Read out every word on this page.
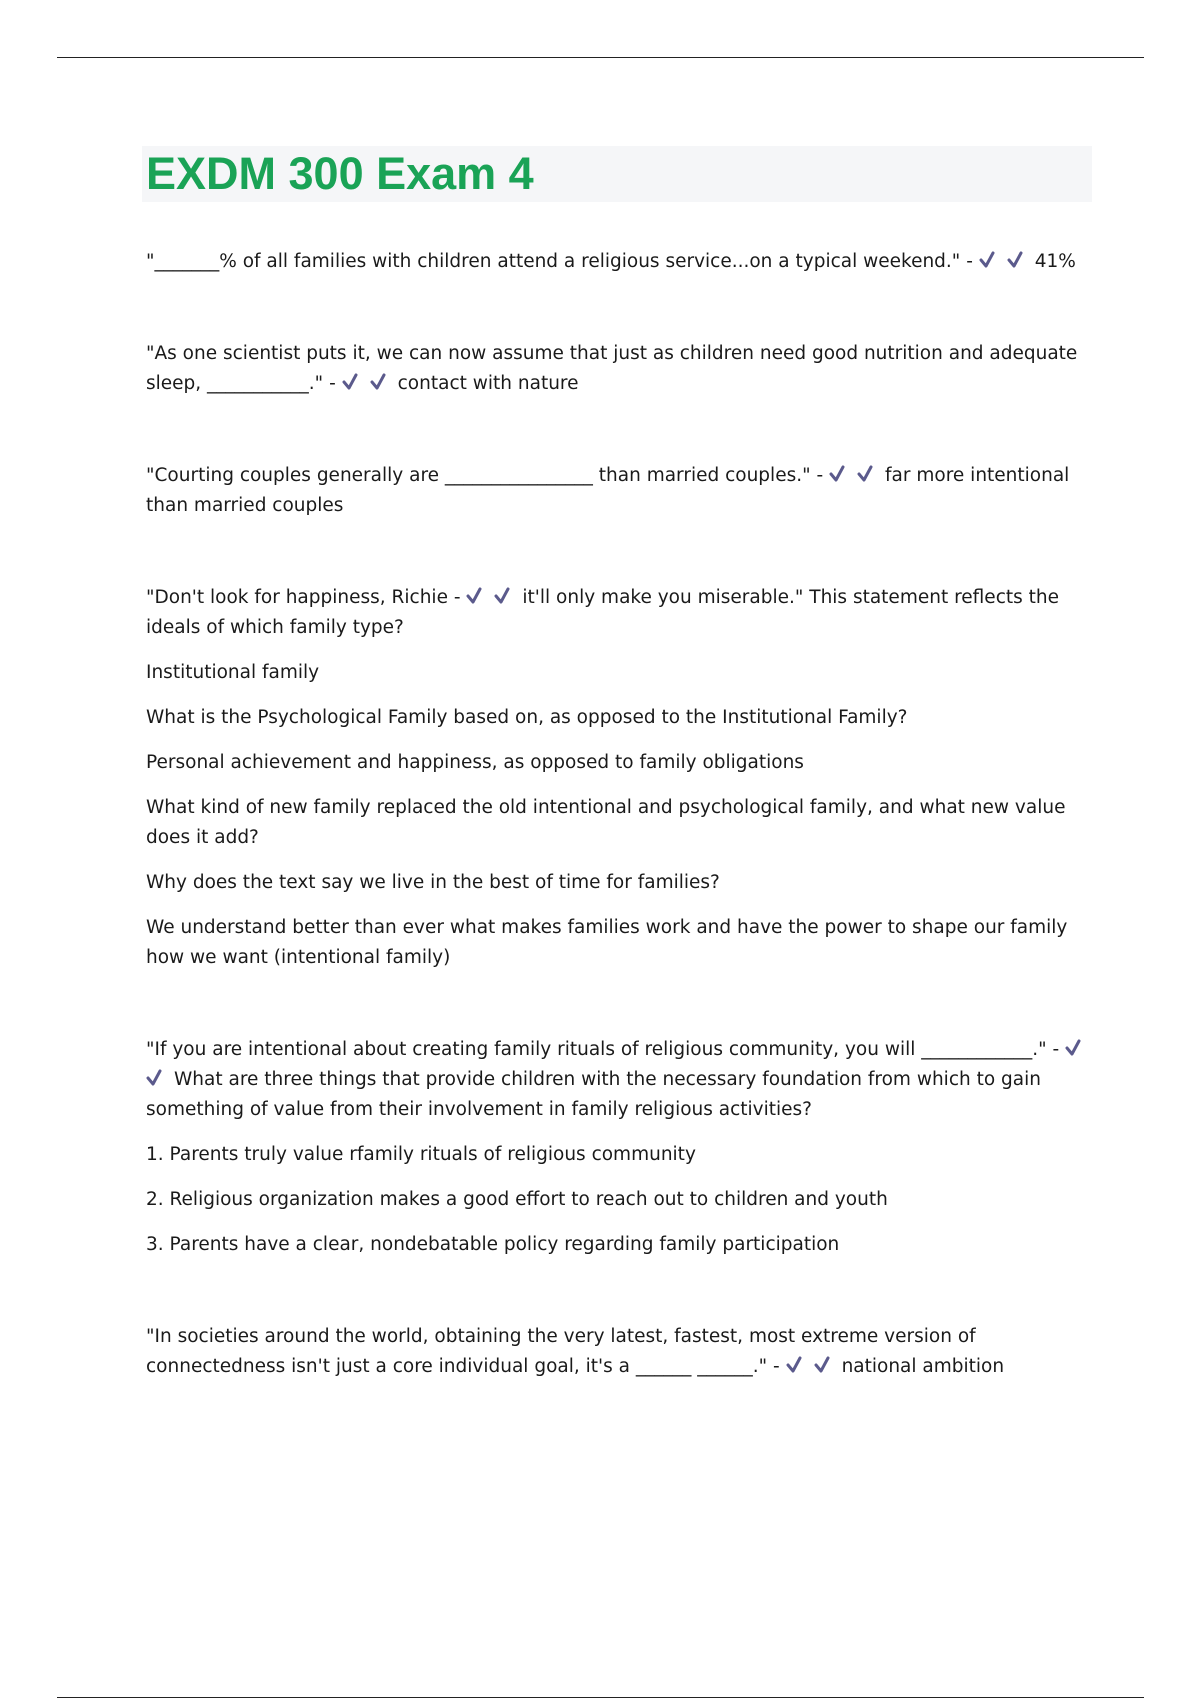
EXDM 300 Exam 4

"_______% of all families with children attend a religious service...on a typical weekend." -	41%

"As one scientist puts it, we can now assume that just as children need good nutrition and adequate sleep, ___________." -	contact with nature

"Courting couples generally are ________________ than married couples." -	far more intentional than married couples

"Don't look for happiness, Richie -	it'll only make you miserable." This statement reflects the ideals of which family type?

Institutional family

What is the Psychological Family based on, as opposed to the Institutional Family?

Personal achievement and happiness, as opposed to family obligations

What kind of new family replaced the old intentional and psychological family, and what new value does it add?

Why does the text say we live in the best of time for families?

We understand better than ever what makes families work and have the power to shape our family how we want (intentional family)

"If you are intentional about creating family rituals of religious community, you will ____________." -
What are three things that provide children with the necessary foundation from which to gain something of value from their involvement in family religious activities?

1. Parents truly value rfamily rituals of religious community

2. Religious organization makes a good effort to reach out to children and youth

3. Parents have a clear, nondebatable policy regarding family participation

"In societies around the world, obtaining the very latest, fastest, most extreme version of connectedness isn't just a core individual goal, it's a ______ ______." -	national ambition
